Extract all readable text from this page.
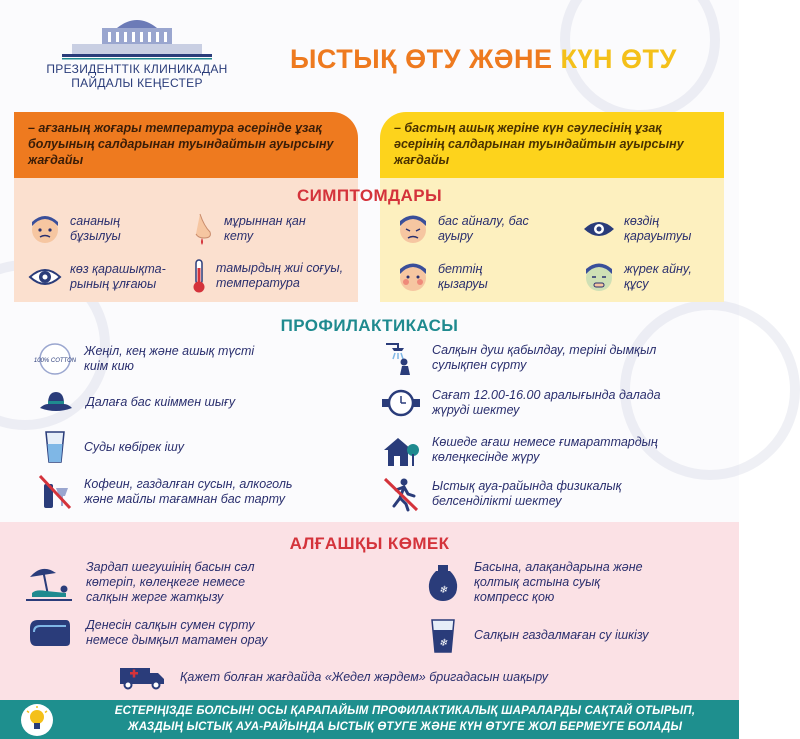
ПРЕЗИДЕНТТІК КЛИНИКАДАН
ПАЙДАЛЫ КЕҢЕСТЕР
ЫСТЫҚ ӨТУ ЖӘНЕ КҮН ӨТУ
– ағзаның жоғары температура әсерінде ұзақ болуының салдарынан туындайтын ауырсыну жағдайы
– бастың ашық жеріне күн сәулесінің ұзақ әсерінің салдарынан туындайтын ауырсыну жағдайы
СИМПТОМДАРЫ
сананың бұзылуы
мұрыннан қан кету
көз қарашықта-рының ұлғаюы
тамырдың жиі соғуы, температура
бас айналу, бас ауыру
көздің қарауытуы
беттің қызаруы
жүрек айну, құсу
ПРОФИЛАКТИКАСЫ
100% COTTON
Жеңіл, кең және ашық түсті киім кию
Далаға бас киіммен шығу
Суды көбірек ішу
Кофеин, газдалған сусын, алкоголь және майлы тағамнан бас тарту
Салқын душ қабылдау, теріні дымқыл сулықпен сүрту
Сағат 12.00-16.00 аралығында далада жүруді шектеу
Көшеде ағаш немесе ғимараттардың көлеңкесінде жүру
Ыстық ауа-райында физикалық белсенділікті шектеу
АЛҒАШҚЫ КӨМЕК
Зардап шегушінің басын сәл көтеріп, көлеңкеге немесе салқын жерге жатқызу
Денесін салқын сумен сүрту немесе дымқыл матамен орау
❄
Басына, алақандарына және қолтық астына суық компресс қою
❄
Салқын газдалмаған су ішкізу
Қажет болған жағдайда «Жедел жәрдем» бригадасын шақыру
ЕСТЕРІҢІЗДЕ БОЛСЫН! ОСЫ ҚАРАПАЙЫМ ПРОФИЛАКТИКАЛЫҚ ШАРАЛАРДЫ САҚТАЙ ОТЫРЫП,
ЖАЗДЫҢ ЫСТЫҚ АУА-РАЙЫНДА ЫСТЫҚ ӨТУГЕ ЖӘНЕ КҮН ӨТУГЕ ЖОЛ БЕРМЕУГЕ БОЛАДЫ
